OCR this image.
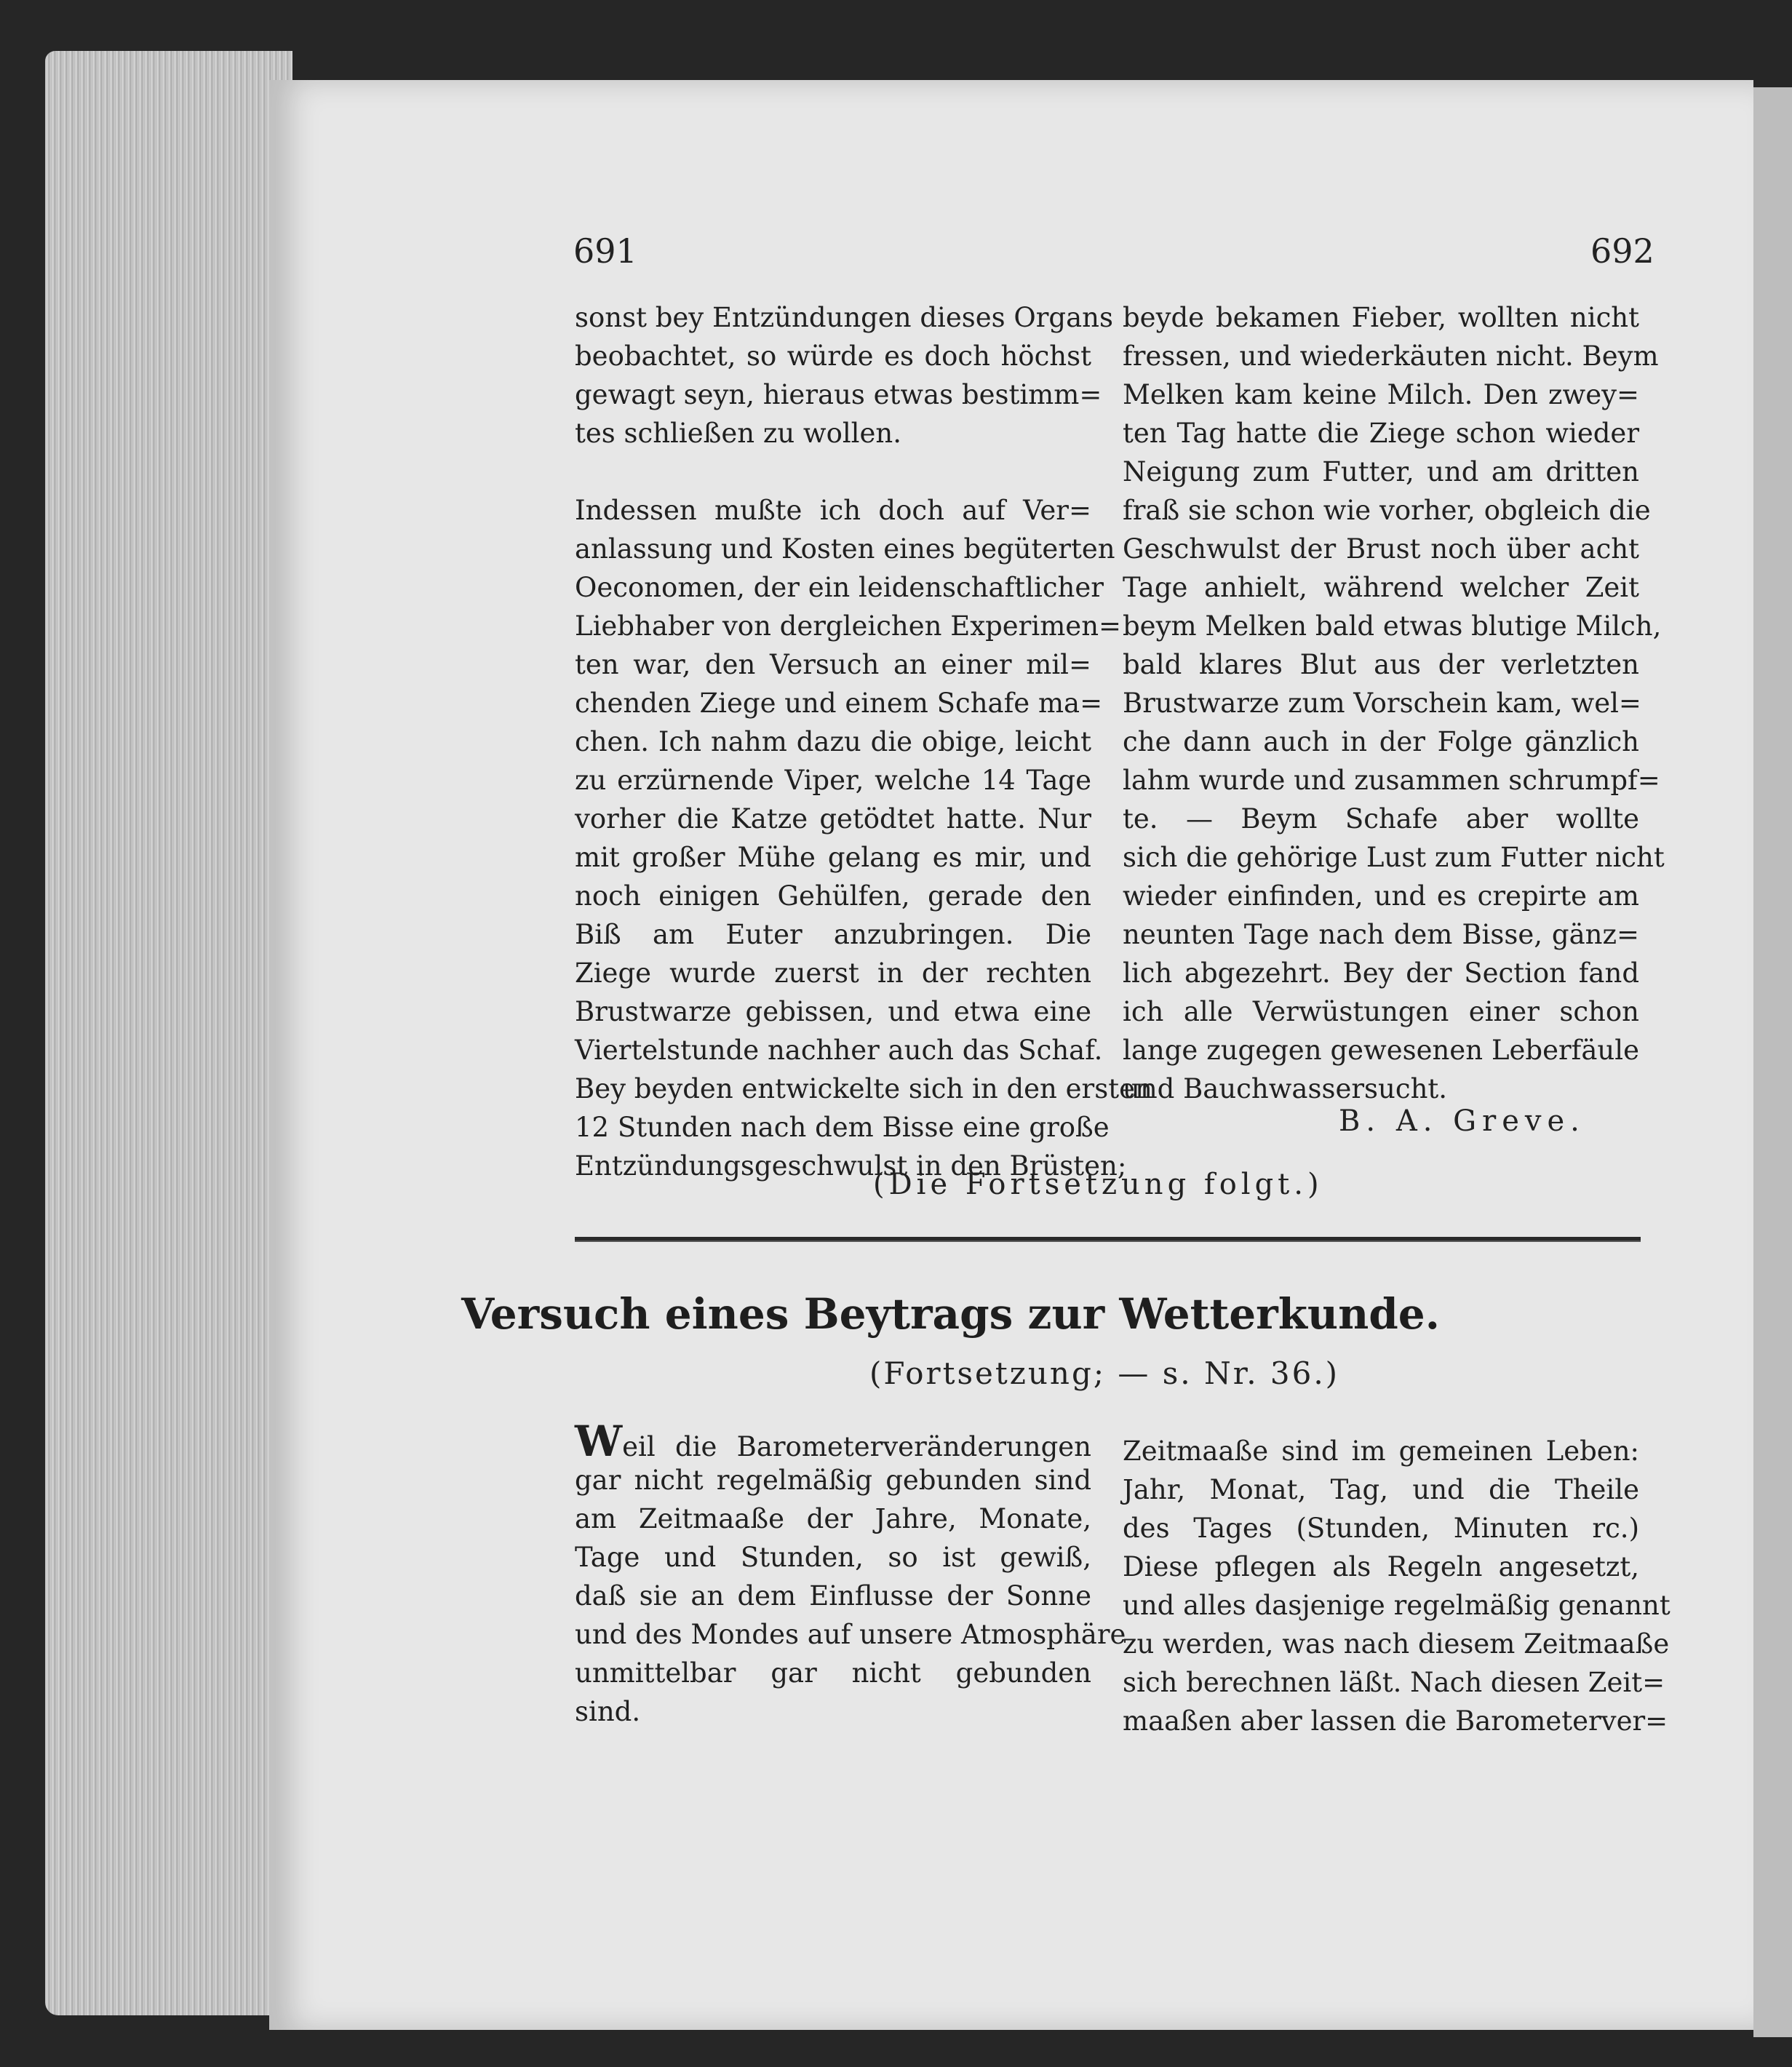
691	692
sonst bey Entzündungen dieses Organs
beobachtet, so würde es doch höchst
gewagt seyn, hieraus etwas bestimm=
tes schließen zu wollen.
Indessen mußte ich doch auf Ver=
anlassung und Kosten eines begüterten
Oeconomen, der ein leidenschaftlicher
Liebhaber von dergleichen Experimen=
ten war, den Versuch an einer mil=
chenden Ziege und einem Schafe ma=
chen. Ich nahm dazu die obige, leicht
zu erzürnende Viper, welche 14 Tage
vorher die Katze getödtet hatte. Nur
mit großer Mühe gelang es mir, und
noch einigen Gehülfen, gerade den
Biß am Euter anzubringen. Die
Ziege wurde zuerst in der rechten
Brustwarze gebissen, und etwa eine
Viertelstunde nachher auch das Schaf.
Bey beyden entwickelte sich in den ersten
12 Stunden nach dem Bisse eine große
Entzündungsgeschwulst in den Brüsten;
beyde bekamen Fieber, wollten nicht
fressen, und wiederkäuten nicht. Beym
Melken kam keine Milch. Den zwey=
ten Tag hatte die Ziege schon wieder
Neigung zum Futter, und am dritten
fraß sie schon wie vorher, obgleich die
Geschwulst der Brust noch über acht
Tage anhielt, während welcher Zeit
beym Melken bald etwas blutige Milch,
bald klares Blut aus der verletzten
Brustwarze zum Vorschein kam, wel=
che dann auch in der Folge gänzlich
lahm wurde und zusammen schrumpf=
te. — Beym Schafe aber wollte
sich die gehörige Lust zum Futter nicht
wieder einfinden, und es crepirte am
neunten Tage nach dem Bisse, gänz=
lich abgezehrt. Bey der Section fand
ich alle Verwüstungen einer schon
lange zugegen gewesenen Leberfäule
und Bauchwassersucht.
B. A. Greve.
(Die Fortsetzung folgt.)
Versuch eines Beytrags zur Wetterkunde.
(Fortsetzung; — s. Nr. 36.)
Weil die Barometerveränderungen
gar nicht regelmäßig gebunden sind
am Zeitmaaße der Jahre, Monate,
Tage und Stunden, so ist gewiß,
daß sie an dem Einflusse der Sonne
und des Mondes auf unsere Atmosphäre
unmittelbar gar nicht gebunden
sind.
Zeitmaaße sind im gemeinen Leben:
Jahr, Monat, Tag, und die Theile
des Tages (Stunden, Minuten rc.)
Diese pflegen als Regeln angesetzt,
und alles dasjenige regelmäßig genannt
zu werden, was nach diesem Zeitmaaße
sich berechnen läßt. Nach diesen Zeit=
maaßen aber lassen die Barometerver=
